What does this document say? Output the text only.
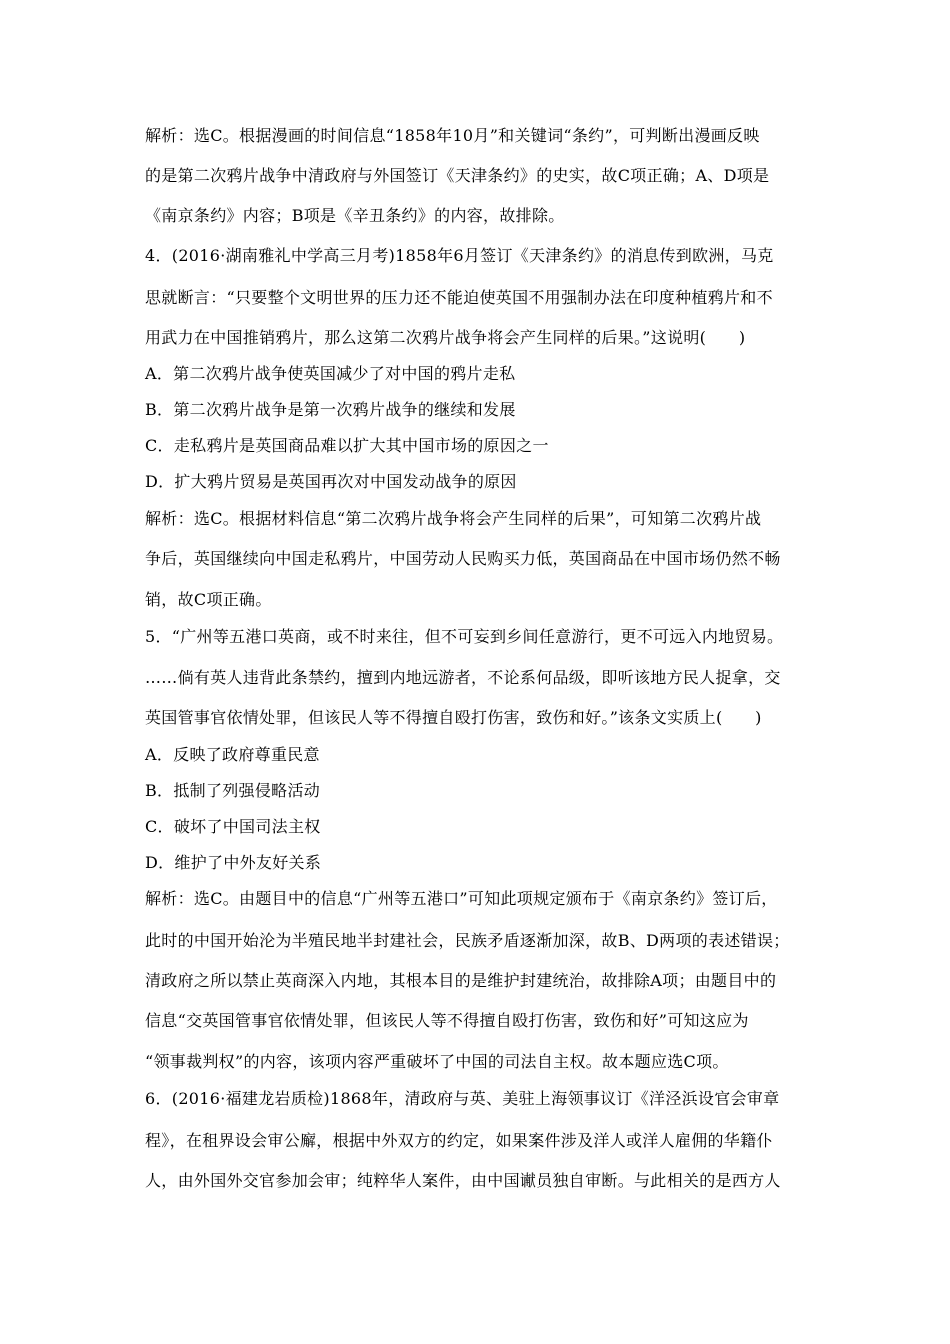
解析：选C。根据漫画的时间信息“1858年10月”和关键词“条约”，可判断出漫画反映
的是第二次鸦片战争中清政府与外国签订《天津条约》的史实，故C项正确；A、D项是
《南京条约》内容；B项是《辛丑条约》的内容，故排除。
4．(2016·湖南雅礼中学高三月考)1858年6月签订《天津条约》的消息传到欧洲，马克
思就断言：“只要整个文明世界的压力还不能迫使英国不用强制办法在印度种植鸦片和不
用武力在中国推销鸦片，那么这第二次鸦片战争将会产生同样的后果。”这说明(　　)
A．第二次鸦片战争使英国减少了对中国的鸦片走私
B．第二次鸦片战争是第一次鸦片战争的继续和发展
C．走私鸦片是英国商品难以扩大其中国市场的原因之一
D．扩大鸦片贸易是英国再次对中国发动战争的原因
解析：选C。根据材料信息“第二次鸦片战争将会产生同样的后果”，可知第二次鸦片战
争后，英国继续向中国走私鸦片，中国劳动人民购买力低，英国商品在中国市场仍然不畅
销，故C项正确。
5．“广州等五港口英商，或不时来往，但不可妄到乡间任意游行，更不可远入内地贸易。
……倘有英人违背此条禁约，擅到内地远游者，不论系何品级，即听该地方民人捉拿，交
英国管事官依情处罪，但该民人等不得擅自殴打伤害，致伤和好。”该条文实质上(　　)
A．反映了政府尊重民意
B．抵制了列强侵略活动
C．破坏了中国司法主权
D．维护了中外友好关系
解析：选C。由题目中的信息“广州等五港口”可知此项规定颁布于《南京条约》签订后，
此时的中国开始沦为半殖民地半封建社会，民族矛盾逐渐加深，故B、D两项的表述错误；
清政府之所以禁止英商深入内地，其根本目的是维护封建统治，故排除A项；由题目中的
信息“交英国管事官依情处罪，但该民人等不得擅自殴打伤害，致伤和好”可知这应为
“领事裁判权”的内容，该项内容严重破坏了中国的司法自主权。故本题应选C项。
6．(2016·福建龙岩质检)1868年，清政府与英、美驻上海领事议订《洋泾浜设官会审章
程》，在租界设会审公廨，根据中外双方的约定，如果案件涉及洋人或洋人雇佣的华籍仆
人，由外国外交官参加会审；纯粹华人案件，由中国谳员独自审断。与此相关的是西方人
